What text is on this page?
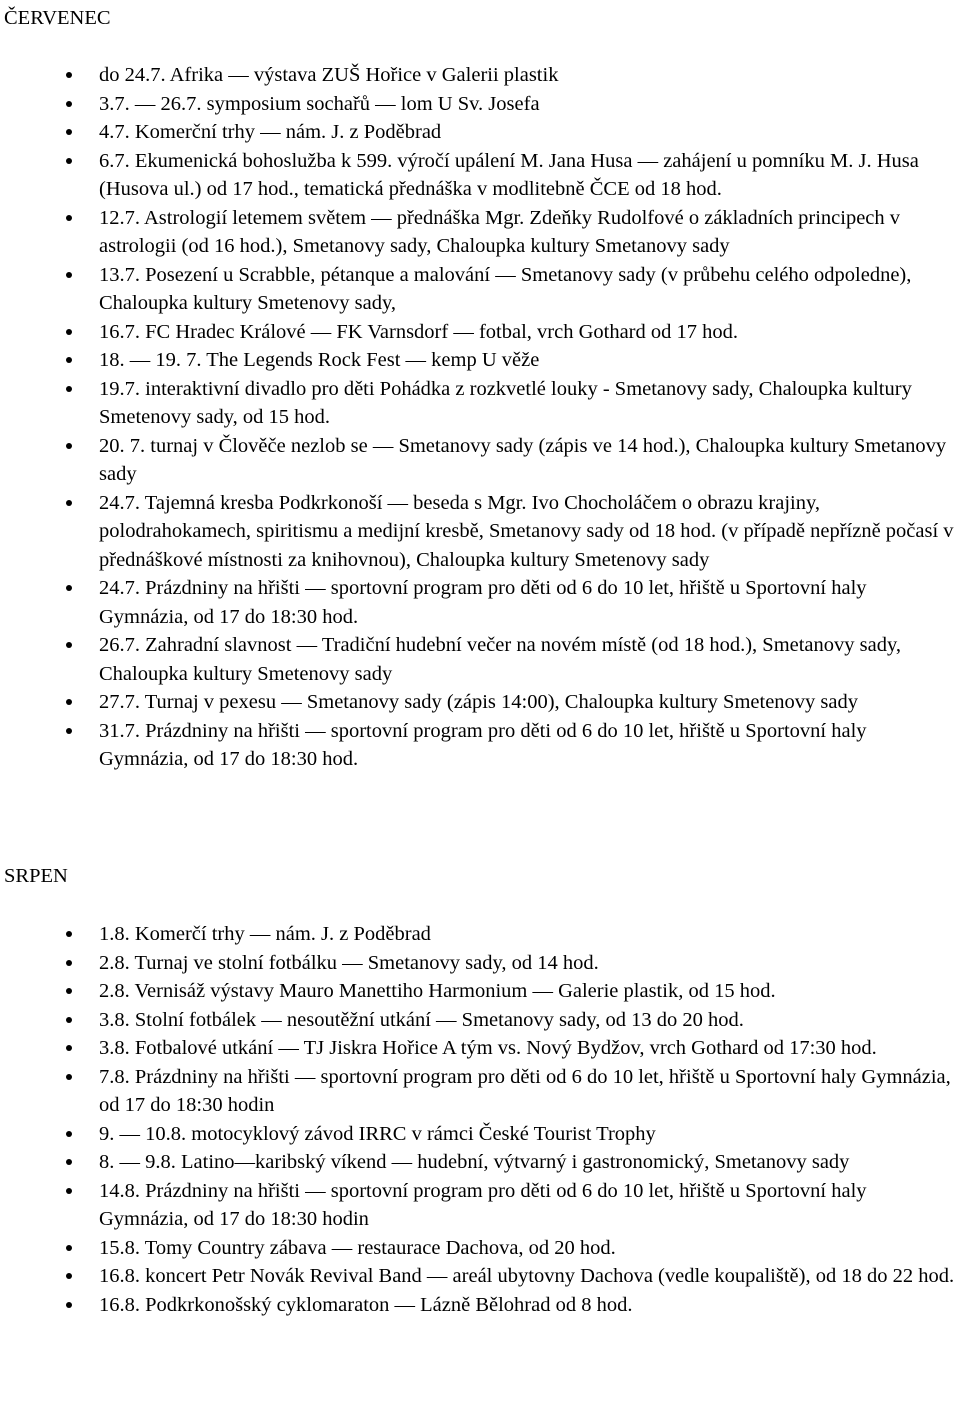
ČERVENEC
do 24.7. Afrika — výstava ZUŠ Hořice v Galerii plastik
3.7. — 26.7. symposium sochařů — lom U Sv. Josefa
4.7. Komerční trhy — nám. J. z Poděbrad
6.7. Ekumenická bohoslužba k 599. výročí upálení M. Jana Husa — zahájení u pomníku M. J. Husa (Husova ul.) od 17 hod., tematická přednáška v modlitebně ČCE od 18 hod.
12.7. Astrologií letemem světem — přednáška Mgr. Zdeňky Rudolfové o základních principech v astrologii (od 16 hod.), Smetanovy sady, Chaloupka kultury Smetanovy sady
13.7. Posezení u Scrabble, pétanque a malování — Smetanovy sady (v průbehu celého odpoledne), Chaloupka kultury Smetenovy sady,
16.7. FC Hradec Králové — FK Varnsdorf — fotbal, vrch Gothard od 17 hod.
18. — 19. 7. The Legends Rock Fest — kemp U věže
19.7. interaktivní divadlo pro děti Pohádka z rozkvetlé louky - Smetanovy sady, Chaloupka kultury Smetenovy sady, od 15 hod.
20. 7. turnaj v Člověče nezlob se — Smetanovy sady (zápis ve 14 hod.), Chaloupka kultury Smetanovy sady
24.7. Tajemná kresba Podkrkonoší — beseda s Mgr. Ivo Chocholáčem o obrazu krajiny, polodrahokamech, spiritismu a medijní kresbě, Smetanovy sady od 18 hod. (v případě nepřízně počasí v přednáškové místnosti za knihovnou), Chaloupka kultury Smetenovy sady
24.7. Prázdniny na hřišti — sportovní program pro děti od 6 do 10 let, hřiště u Sportovní haly Gymnázia, od 17 do 18:30 hod.
26.7. Zahradní slavnost — Tradiční hudební večer na novém místě (od 18 hod.), Smetanovy sady, Chaloupka kultury Smetenovy sady
27.7. Turnaj v pexesu — Smetanovy sady (zápis 14:00), Chaloupka kultury Smetenovy sady
31.7. Prázdniny na hřišti — sportovní program pro děti od 6 do 10 let, hřiště u Sportovní haly Gymnázia, od 17 do 18:30 hod.
SRPEN
1.8. Komerčí trhy — nám. J. z Poděbrad
2.8. Turnaj ve stolní fotbálku — Smetanovy sady, od 14 hod.
2.8. Vernisáž výstavy Mauro Manettiho Harmonium — Galerie plastik, od 15 hod.
3.8. Stolní fotbálek — nesoutěžní utkání — Smetanovy sady, od 13 do 20 hod.
3.8. Fotbalové utkání — TJ Jiskra Hořice A tým vs. Nový Bydžov, vrch Gothard od 17:30 hod.
7.8. Prázdniny na hřišti — sportovní program pro děti od 6 do 10 let, hřiště u Sportovní haly Gymnázia, od 17 do 18:30 hodin
9. — 10.8. motocyklový závod IRRC v rámci České Tourist Trophy
8. — 9.8. Latino—karibský víkend — hudební, výtvarný i gastronomický, Smetanovy sady
14.8. Prázdniny na hřišti — sportovní program pro děti od 6 do 10 let, hřiště u Sportovní haly Gymnázia, od 17 do 18:30 hodin
15.8. Tomy Country zábava — restaurace Dachova, od 20 hod.
16.8. koncert Petr Novák Revival Band — areál ubytovny Dachova (vedle koupaliště), od 18 do 22 hod.
16.8. Podkrkonošský cyklomaraton — Lázně Bělohrad od 8 hod.
